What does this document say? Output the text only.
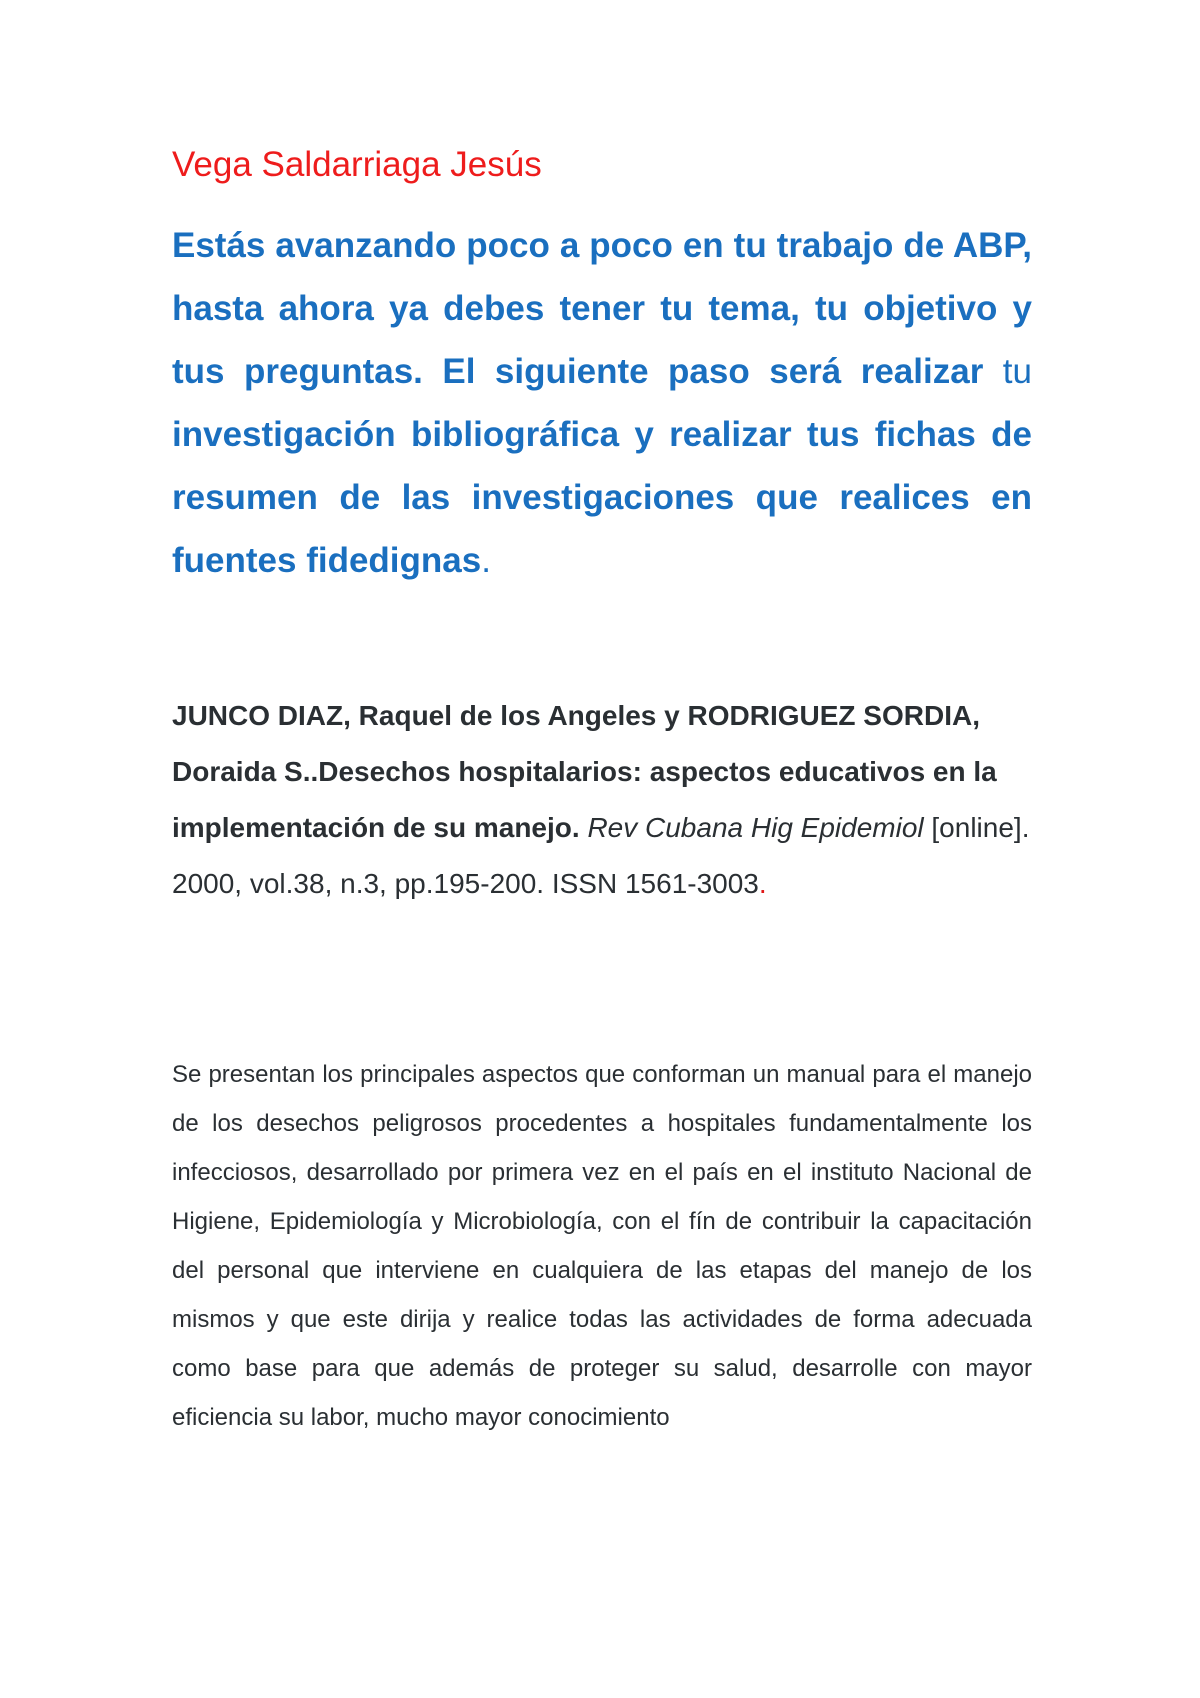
Vega Saldarriaga Jesús

Estás avanzando poco a poco en tu trabajo de ABP, hasta ahora ya debes tener tu tema, tu objetivo y tus preguntas. El siguiente paso será realizar tu investigación bibliográfica y realizar tus fichas de resumen de las investigaciones que realices en fuentes fidedignas.

JUNCO DIAZ, Raquel de los Angeles y RODRIGUEZ SORDIA, Doraida S..Desechos hospitalarios: aspectos educativos en la implementación de su manejo. Rev Cubana Hig Epidemiol [online]. 2000, vol.38, n.3, pp.195-200. ISSN 1561-3003.

Se presentan los principales aspectos que conforman un manual para el manejo de los desechos peligrosos procedentes a hospitales fundamentalmente los infecciosos, desarrollado por primera vez en el país en el instituto Nacional de Higiene, Epidemiología y Microbiología, con el fín de contribuir la capacitación del personal que interviene en cualquiera de las etapas del manejo de los mismos y que este dirija y realice todas las actividades de forma adecuada como base para que además de proteger su salud, desarrolle con mayor eficiencia su labor, mucho mayor conocimiento
